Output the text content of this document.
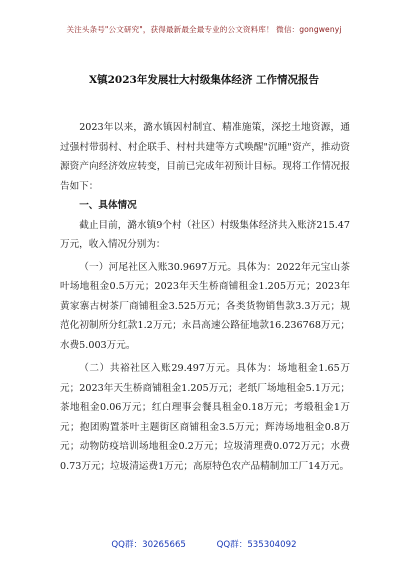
关注头条号"公文研究"，获得最新最全最专业的公文资料库！ 微信：gongwenyj
X镇2023年发展壮大村级集体经济 工作情况报告

2023年以来，潞水镇因村制宜、精准施策，深挖土地资源，通过强村带弱村、村企联手、村村共建等方式唤醒"沉睡"资产，推动资源资产向经济效应转变，目前已完成年初预计目标。现将工作情况报告如下：

一、具体情况

截止目前，潞水镇9个村（社区）村级集体经济共入账济215.47万元，收入情况分别为：

（一）河尾社区入账30.9697万元。具体为：2022年元宝山茶叶场地租金0.5万元；2023年天生桥商铺租金1.205万元；2023年黄家寨古树茶厂商铺租金3.525万元；各类货物销售款3.3万元；规范化初制所分红款1.2万元；永昌高速公路征地款16.236768万元；水费5.003万元。

（二）共裕社区入账29.497万元。具体为：场地租金1.65万元；2023年天生桥商铺租金1.205万元；老纸厂场地租金5.1万元；茶地租金0.06万元；红白理事会餐具租金0.18万元；考缎租金1万元；抱团购置茶叶主题街区商铺租金3.5万元；辉涛场地租金0.8万元；动物防疫培训场地租金0.2万元；垃圾清理费0.072万元；水费0.73万元；垃圾清运费1万元；高原特色农产品精制加工厂14万元。

QQ群：30265665	QQ群：535304092
